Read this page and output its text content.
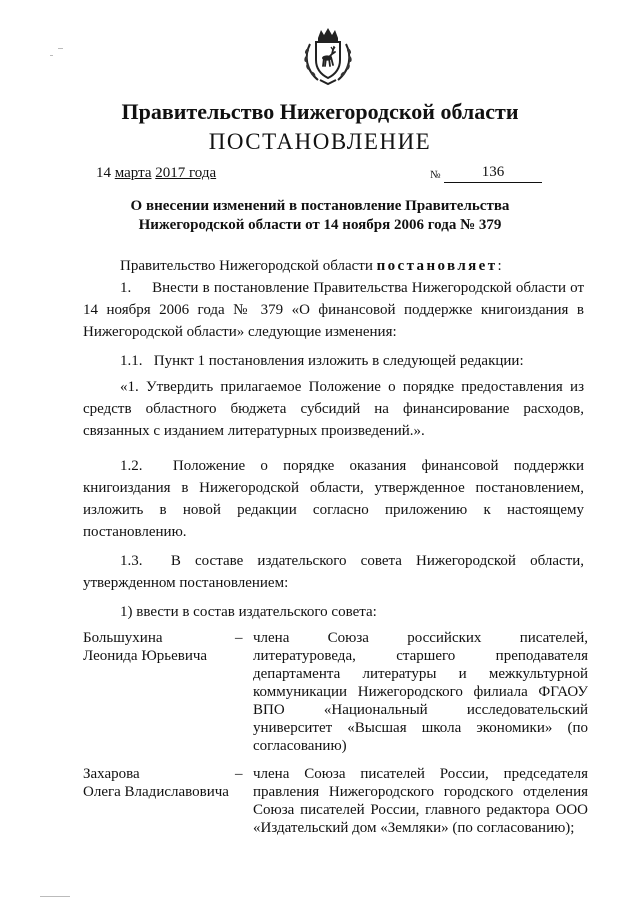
Правительство Нижегородской области
ПОСТАНОВЛЕНИЕ
14 марта 2017 года	№	136
О внесении изменений в постановление Правительства
Нижегородской области от 14 ноября 2006 года № 379

Правительство Нижегородской области постановляет:

1.     Внести в постановление Правительства Нижегородской области от 14 ноября 2006 года № 379 «О финансовой поддержке книгоиздания в Нижегородской области» следующие изменения:

1.1.   Пункт 1 постановления изложить в следующей редакции:

«1. Утвердить прилагаемое Положение о порядке предоставления из средств областного бюджета субсидий на финансирование расходов, связанных с изданием литературных произведений.».

1.2.  Положение о порядке оказания финансовой поддержки книгоиздания в Нижегородской области, утвержденное постановлением, изложить в новой редакции согласно приложению к настоящему постановлению.

1.3.  В составе издательского совета Нижегородской области, утвержденном постановлением:

1) ввести в состав издательского совета:

Большухина
Леонида Юрьевича
– члена Союза российских писателей, литературоведа, старшего преподавателя департамента литературы и межкультурной коммуникации Нижегородского филиала ФГАОУ ВПО «Национальный исследовательский университет «Высшая школа экономики» (по согласованию)
Захарова
Олега Владиславовича
– члена Союза писателей России, председателя правления Нижегородского городского отделения Союза писателей России, главного редактора ООО «Издательский дом «Земляки» (по согласованию);
